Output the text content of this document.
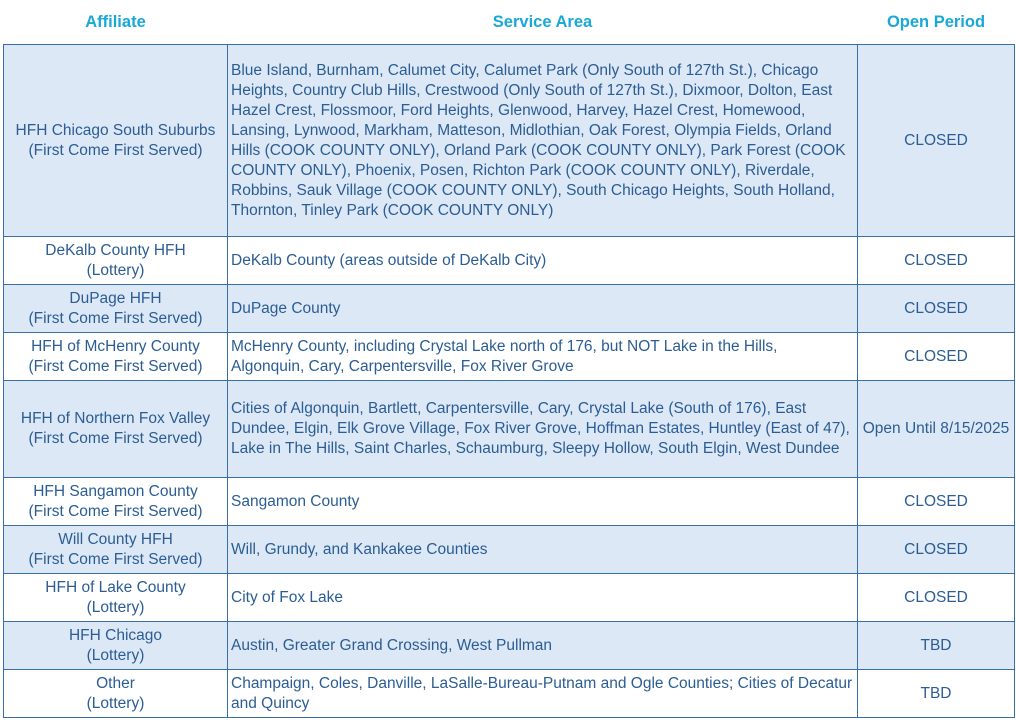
Affiliate	Service Area	Open Period
HFH Chicago South Suburbs
(First Come First Served)	Blue Island, Burnham, Calumet City, Calumet Park (Only South of 127th St.), Chicago Heights, Country Club Hills, Crestwood (Only South of 127th St.), Dixmoor, Dolton, East Hazel Crest, Flossmoor, Ford Heights, Glenwood, Harvey, Hazel Crest, Homewood, Lansing, Lynwood, Markham, Matteson, Midlothian, Oak Forest, Olympia Fields, Orland Hills (COOK COUNTY ONLY), Orland Park (COOK COUNTY ONLY), Park Forest (COOK COUNTY ONLY), Phoenix, Posen, Richton Park (COOK COUNTY ONLY), Riverdale, Robbins, Sauk Village (COOK COUNTY ONLY), South Chicago Heights, South Holland, Thornton, Tinley Park (COOK COUNTY ONLY)	CLOSED
DeKalb County HFH
(Lottery)	DeKalb County (areas outside of DeKalb City)	CLOSED
DuPage HFH
(First Come First Served)	DuPage County	CLOSED
HFH of McHenry County
(First Come First Served)	McHenry County, including Crystal Lake north of 176, but NOT Lake in the Hills, Algonquin, Cary, Carpentersville, Fox River Grove	CLOSED
HFH of Northern Fox Valley
(First Come First Served)	Cities of Algonquin, Bartlett, Carpentersville, Cary, Crystal Lake (South of 176), East Dundee, Elgin, Elk Grove Village, Fox River Grove, Hoffman Estates, Huntley (East of 47), Lake in The Hills, Saint Charles, Schaumburg, Sleepy Hollow, South Elgin, West Dundee	Open Until 8/15/2025
HFH Sangamon County
(First Come First Served)	Sangamon County	CLOSED
Will County HFH
(First Come First Served)	Will, Grundy, and Kankakee Counties	CLOSED
HFH of Lake County
(Lottery)	City of Fox Lake	CLOSED
HFH Chicago
(Lottery)	Austin, Greater Grand Crossing, West Pullman	TBD
Other
(Lottery)	Champaign, Coles, Danville, LaSalle-Bureau-Putnam and Ogle Counties; Cities of Decatur and Quincy	TBD
